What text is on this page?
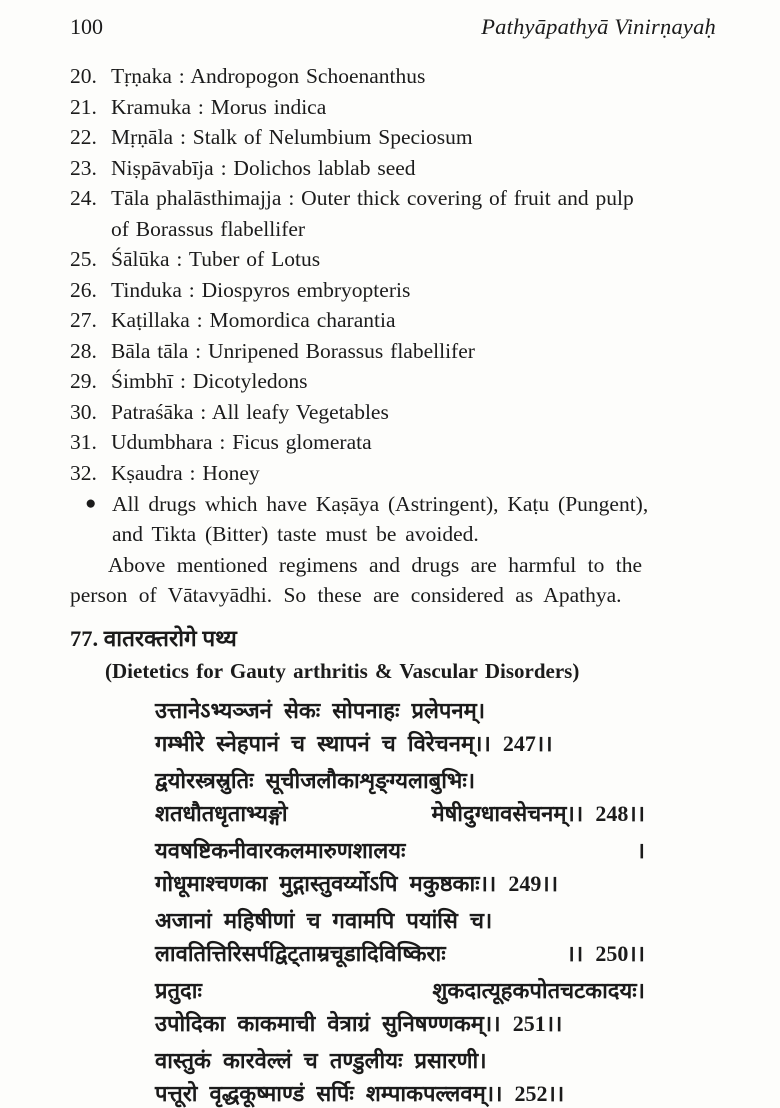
100	Pathyāpathyā Vinirṇayaḥ
20. Tṛṇaka : Andropogon Schoenanthus
21. Kramuka : Morus indica
22. Mṛṇāla : Stalk of Nelumbium Speciosum
23. Niṣpāvabīja : Dolichos lablab seed
24. Tāla phalāsthimajja : Outer thick covering of fruit and pulp
of Borassus flabellifer
25. Śālūka : Tuber of Lotus
26. Tinduka : Diospyros embryopteris
27. Kaṭillaka : Momordica charantia
28. Bāla tāla : Unripened Borassus flabellifer
29. Śimbhī : Dicotyledons
30. Patraśāka : All leafy Vegetables
31. Udumbhara : Ficus glomerata
32. Kṣaudra : Honey
● All drugs which have Kaṣāya (Astringent), Kaṭu (Pungent),
and Tikta (Bitter) taste must be avoided.
Above mentioned regimens and drugs are harmful to the
person of Vātavyādhi. So these are considered as Apathya.
77. वातरक्तरोगे पथ्य
(Dietetics for Gauty arthritis & Vascular Disorders)
उत्तानेऽभ्यञ्जनं सेकः सोपनाहः प्रलेपनम्।
गम्भीरे स्नेहपानं च स्थापनं च विरेचनम्।। 247।।
द्वयोरस्त्रस्रुतिः सूचीजलौकाशृङ्ग्यलाबुभिः।
शतधौतधृताभ्यङ्गो	मेषीदुग्धावसेचनम्।। 248।।
यवषष्टिकनीवारकलमारुणशालयः	।
गोधूमाश्चणका मुद्गास्तुवर्य्योऽपि मकुष्ठकाः।। 249।।
अजानां महिषीणां च गवामपि पयांसि च।
लावतित्तिरिसर्पद्विट्ताम्रचूडादिविष्किराः	।। 250।।
प्रतुदाः	शुकदात्यूहकपोतचटकादयः।
उपोदिका काकमाची वेत्राग्रं सुनिषण्णकम्।। 251।।
वास्तुकं कारवेल्लं च तण्डुलीयः प्रसारणी।
पत्तूरो वृद्धकूष्माण्डं सर्पिः शम्पाकपल्लवम्।। 252।।
